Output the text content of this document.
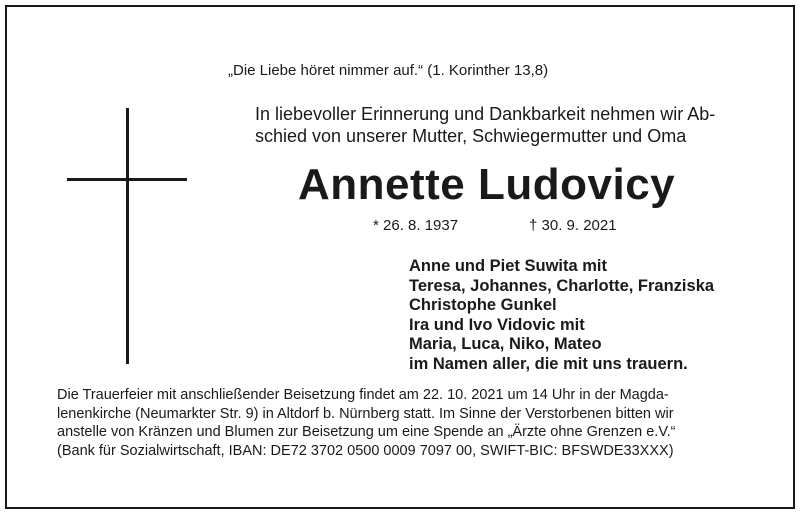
„Die Liebe höret nimmer auf.“ (1. Korinther 13,8)
In liebevoller Erinnerung und Dankbarkeit nehmen wir Ab-
schied von unserer Mutter, Schwiegermutter und Oma
Annette Ludovicy
* 26. 8. 1937	† 30. 9. 2021
Anne und Piet Suwita mit
Teresa, Johannes, Charlotte, Franziska
Christophe Gunkel
Ira und Ivo Vidovic mit
Maria, Luca, Niko, Mateo
im Namen aller, die mit uns trauern.
Die Trauerfeier mit anschließender Beisetzung findet am 22. 10. 2021 um 14 Uhr in der Magda-
lenenkirche (Neumarkter Str. 9) in Altdorf b. Nürnberg statt. Im Sinne der Verstorbenen bitten wir
anstelle von Kränzen und Blumen zur Beisetzung um eine Spende an „Ärzte ohne Grenzen e.V.“
(Bank für Sozialwirtschaft, IBAN: DE72 3702 0500 0009 7097 00, SWIFT-BIC: BFSWDE33XXX)
